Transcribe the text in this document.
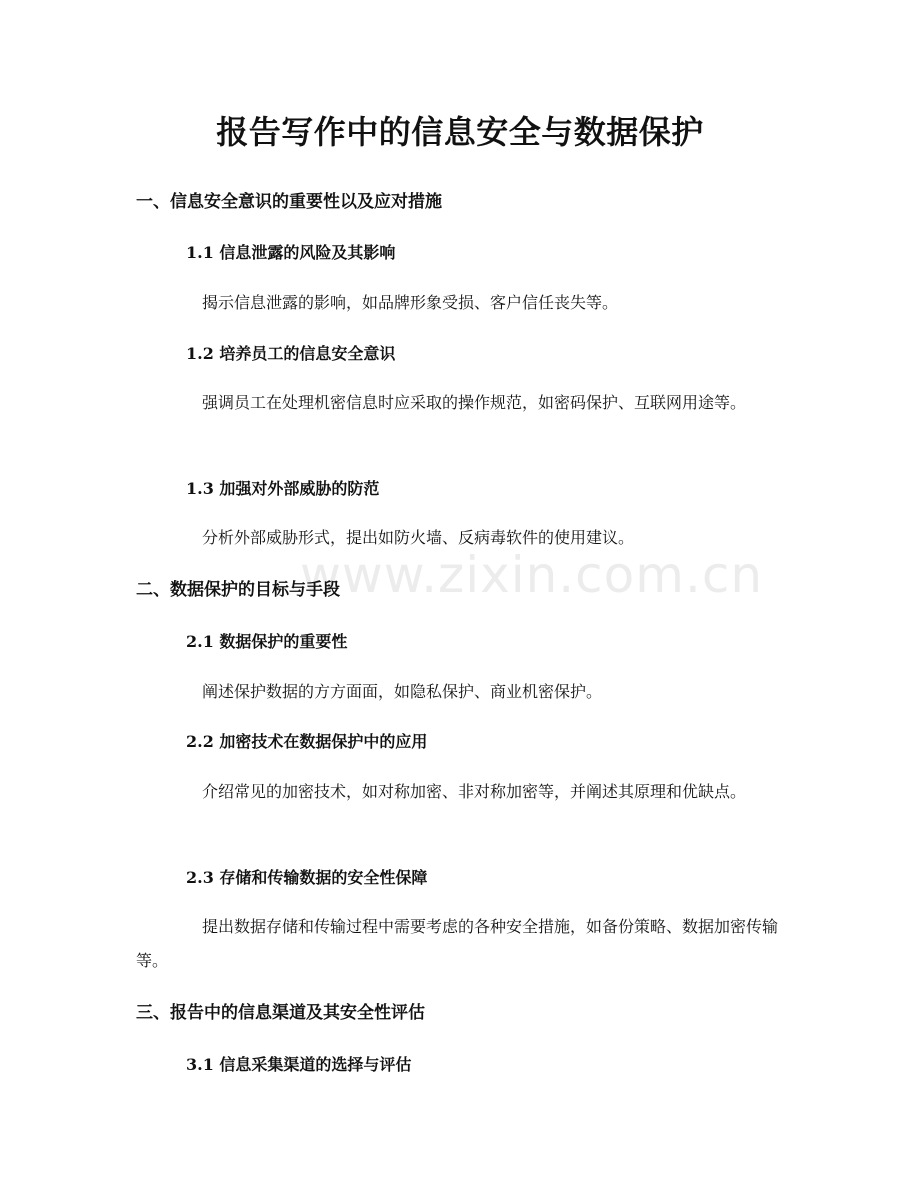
报告写作中的信息安全与数据保护
www.zixin.com.cn
一、信息安全意识的重要性以及应对措施
1.1 信息泄露的风险及其影响

揭示信息泄露的影响，如品牌形象受损、客户信任丧失等。

1.2 培养员工的信息安全意识

强调员工在处理机密信息时应采取的操作规范，如密码保护、互联网用途等。

1.3 加强对外部威胁的防范

分析外部威胁形式，提出如防火墙、反病毒软件的使用建议。

二、数据保护的目标与手段
2.1 数据保护的重要性

阐述保护数据的方方面面，如隐私保护、商业机密保护。

2.2 加密技术在数据保护中的应用

介绍常见的加密技术，如对称加密、非对称加密等，并阐述其原理和优缺点。

2.3 存储和传输数据的安全性保障

提出数据存储和传输过程中需要考虑的各种安全措施，如备份策略、数据加密传输等。

三、报告中的信息渠道及其安全性评估
3.1 信息采集渠道的选择与评估
